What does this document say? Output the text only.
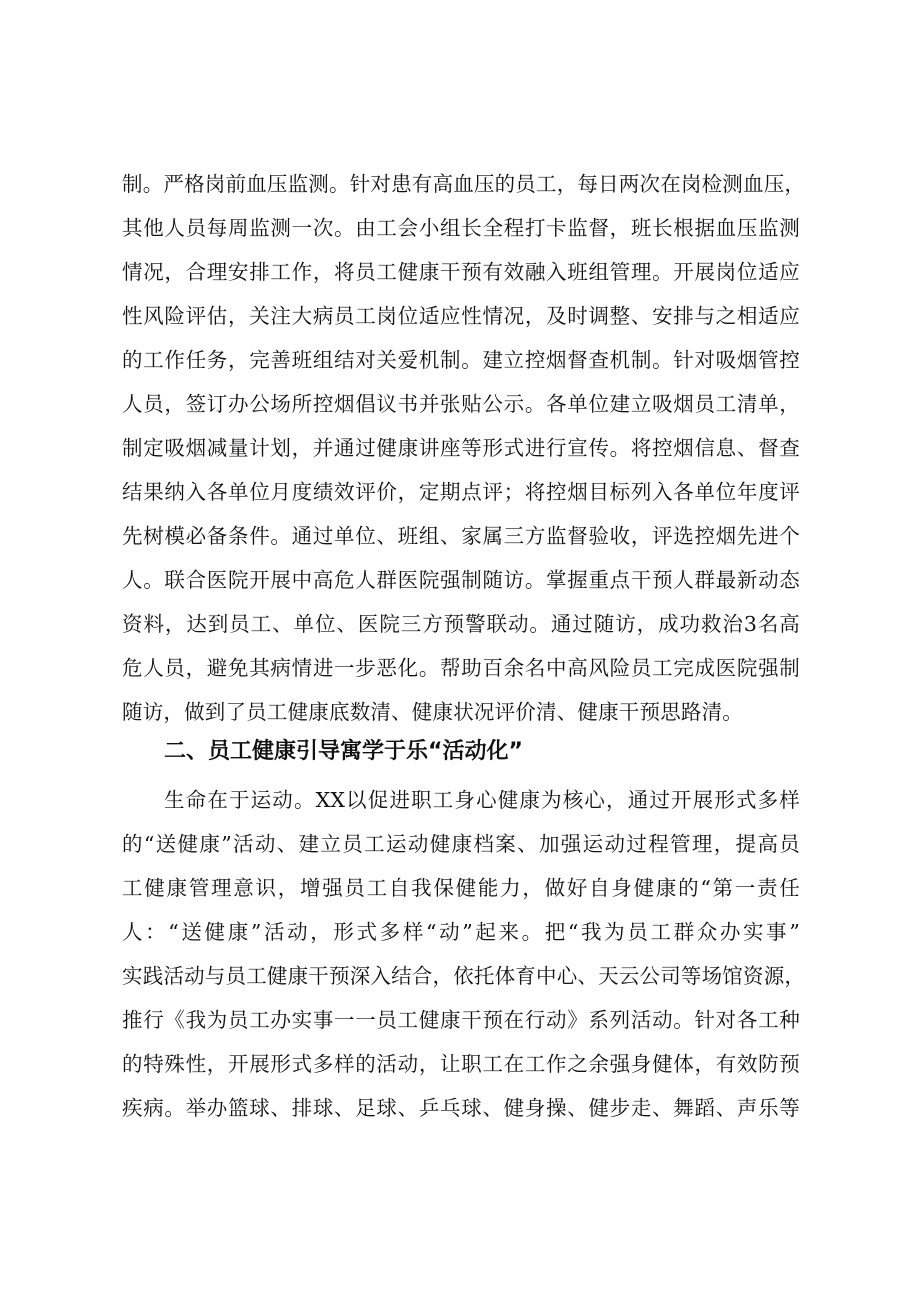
制。严格岗前血压监测。针对患有高血压的员工，每日两次在岗检测血压，
其他人员每周监测一次。由工会小组长全程打卡监督，班长根据血压监测
情况，合理安排工作，将员工健康干预有效融入班组管理。开展岗位适应
性风险评估，关注大病员工岗位适应性情况，及时调整、安排与之相适应
的工作任务，完善班组结对关爱机制。建立控烟督查机制。针对吸烟管控
人员，签订办公场所控烟倡议书并张贴公示。各单位建立吸烟员工清单，
制定吸烟减量计划，并通过健康讲座等形式进行宣传。将控烟信息、督查
结果纳入各单位月度绩效评价，定期点评；将控烟目标列入各单位年度评
先树模必备条件。通过单位、班组、家属三方监督验收，评选控烟先进个
人。联合医院开展中高危人群医院强制随访。掌握重点干预人群最新动态
资料，达到员工、单位、医院三方预警联动。通过随访，成功救治3名高
危人员，避免其病情进一步恶化。帮助百余名中高风险员工完成医院强制
随访，做到了员工健康底数清、健康状况评价清、健康干预思路清。
二、员工健康引导寓学于乐“活动化”
生命在于运动。XX以促进职工身心健康为核心，通过开展形式多样
的“送健康”活动、建立员工运动健康档案、加强运动过程管理，提高员
工健康管理意识，增强员工自我保健能力，做好自身健康的“第一责任
人：“送健康”活动，形式多样“动”起来。把“我为员工群众办实事”
实践活动与员工健康干预深入结合，依托体育中心、天云公司等场馆资源，
推行《我为员工办实事一一员工健康干预在行动》系列活动。针对各工种
的特殊性，开展形式多样的活动，让职工在工作之余强身健体，有效防预
疾病。举办篮球、排球、足球、乒乓球、健身操、健步走、舞蹈、声乐等
